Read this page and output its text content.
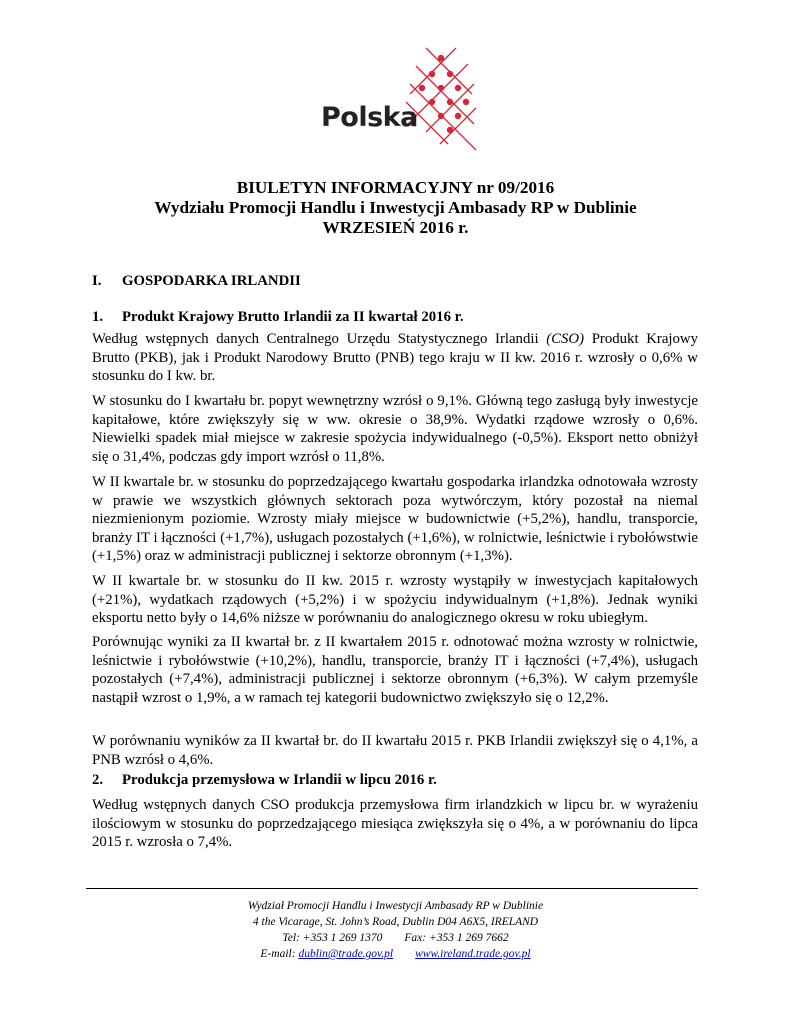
Polska
BIULETYN INFORMACYJNY nr 09/2016
Wydziału Promocji Handlu i Inwestycji Ambasady RP w Dublinie
WRZESIEŃ 2016 r.
I. GOSPODARKA IRLANDII
1. Produkt Krajowy Brutto Irlandii za II kwartał 2016 r.

Według wstępnych danych Centralnego Urzędu Statystycznego Irlandii (CSO) Produkt Krajowy Brutto (PKB), jak i Produkt Narodowy Brutto (PNB) tego kraju w II kw. 2016 r. wzrosły o 0,6% w stosunku do I kw. br.

W stosunku do I kwartału br. popyt wewnętrzny wzrósł o 9,1%. Główną tego zasługą były inwestycje kapitałowe, które zwiększyły się w ww. okresie o 38,9%. Wydatki rządowe wzrosły o 0,6%. Niewielki spadek miał miejsce w zakresie spożycia indywidualnego (-0,5%). Eksport netto obniżył się o 31,4%, podczas gdy import wzrósł o 11,8%.

W II kwartale br. w stosunku do poprzedzającego kwartału gospodarka irlandzka odnotowała wzrosty w prawie we wszystkich głównych sektorach poza wytwórczym, który pozostał na niemal niezmienionym poziomie. Wzrosty miały miejsce w budownictwie (+5,2%), handlu, transporcie, branży IT i łączności (+1,7%), usługach pozostałych (+1,6%), w rolnictwie, leśnictwie i rybołówstwie (+1,5%) oraz w administracji publicznej i sektorze obronnym (+1,3%).

W II kwartale br. w stosunku do II kw. 2015 r. wzrosty wystąpiły w inwestycjach kapitałowych (+21%), wydatkach rządowych (+5,2%) i w spożyciu indywidualnym (+1,8%). Jednak wyniki eksportu netto były o 14,6% niższe w porównaniu do analogicznego okresu w roku ubiegłym.

Porównując wyniki za II kwartał br. z II kwartałem 2015 r. odnotować można wzrosty w rolnictwie, leśnictwie i rybołówstwie (+10,2%), handlu, transporcie, branży IT i łączności (+7,4%), usługach pozostałych (+7,4%), administracji publicznej i sektorze obronnym (+6,3%). W całym przemyśle nastąpił wzrost o 1,9%, a w ramach tej kategorii budownictwo zwiększyło się o 12,2%.

W porównaniu wyników za II kwartał br. do II kwartału 2015 r. PKB Irlandii zwiększył się o 4,1%, a PNB wzrósł o 4,6%.

2. Produkcja przemysłowa w Irlandii w lipcu 2016 r.

Według wstępnych danych CSO produkcja przemysłowa firm irlandzkich w lipcu br. w wyrażeniu ilościowym w stosunku do poprzedzającego miesiąca zwiększyła się o 4%, a w porównaniu do lipca 2015 r. wzrosła o 7,4%.

Wydział Promocji Handlu i Inwestycji Ambasady RP w Dublinie
4 the Vicarage, St. John’s Road, Dublin D04 A6X5, IRELAND
Tel: +353 1 269 1370 Fax: +353 1 269 7662
E-mail: dublin@trade.gov.pl www.ireland.trade.gov.pl
